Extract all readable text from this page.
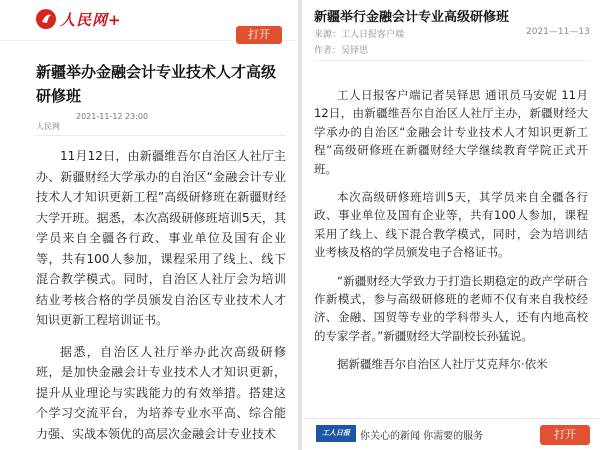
人民网+
打开
新疆举办金融会计专业技术人才高级研修班
2021-11-12 23:00
人民网

11月12日，由新疆维吾尔自治区人社厅主办、新疆财经大学承办的自治区“金融会计专业技术人才知识更新工程”高级研修班在新疆财经大学开班。据悉，本次高级研修班培训5天，其学员来自全疆各行政、事业单位及国有企业等，共有100人参加，课程采用了线上、线下混合教学模式。同时，自治区人社厅会为培训结业考核合格的学员颁发自治区专业技术人才知识更新工程培训证书。

据悉，自治区人社厅举办此次高级研修班，是加快金融会计专业技术人才知识更新，提升从业理论与实践能力的有效举措。搭建这个学习交流平台，为培养专业水平高、综合能力强、实战本领优的高层次金融会计专业技术

新疆举行金融会计专业高级研修班
来源：工人日报客户端	2021—11—13
作者：吴铎思

工人日报客户端记者吴铎思 通讯员马安妮 11月12日，由新疆维吾尔自治区人社厅主办，新疆财经大学承办的自治区“金融会计专业技术人才知识更新工程”高级研修班在新疆财经大学继续教育学院正式开班。

本次高级研修班培训5天，其学员来自全疆各行政、事业单位及国有企业等，共有100人参加，课程采用了线上、线下混合教学模式，同时，会为培训结业考核及格的学员颁发电子合格证书。

“新疆财经大学致力于打造长期稳定的政产学研合作新模式，参与高级研修班的老师不仅有来自我校经济、金融、国贸等专业的学科带头人，还有内地高校的专家学者。”新疆财经大学副校长孙猛说。

据新疆维吾尔自治区人社厅艾克拜尔·依米

工人日报	你关心的新闻 你需要的服务	打开
